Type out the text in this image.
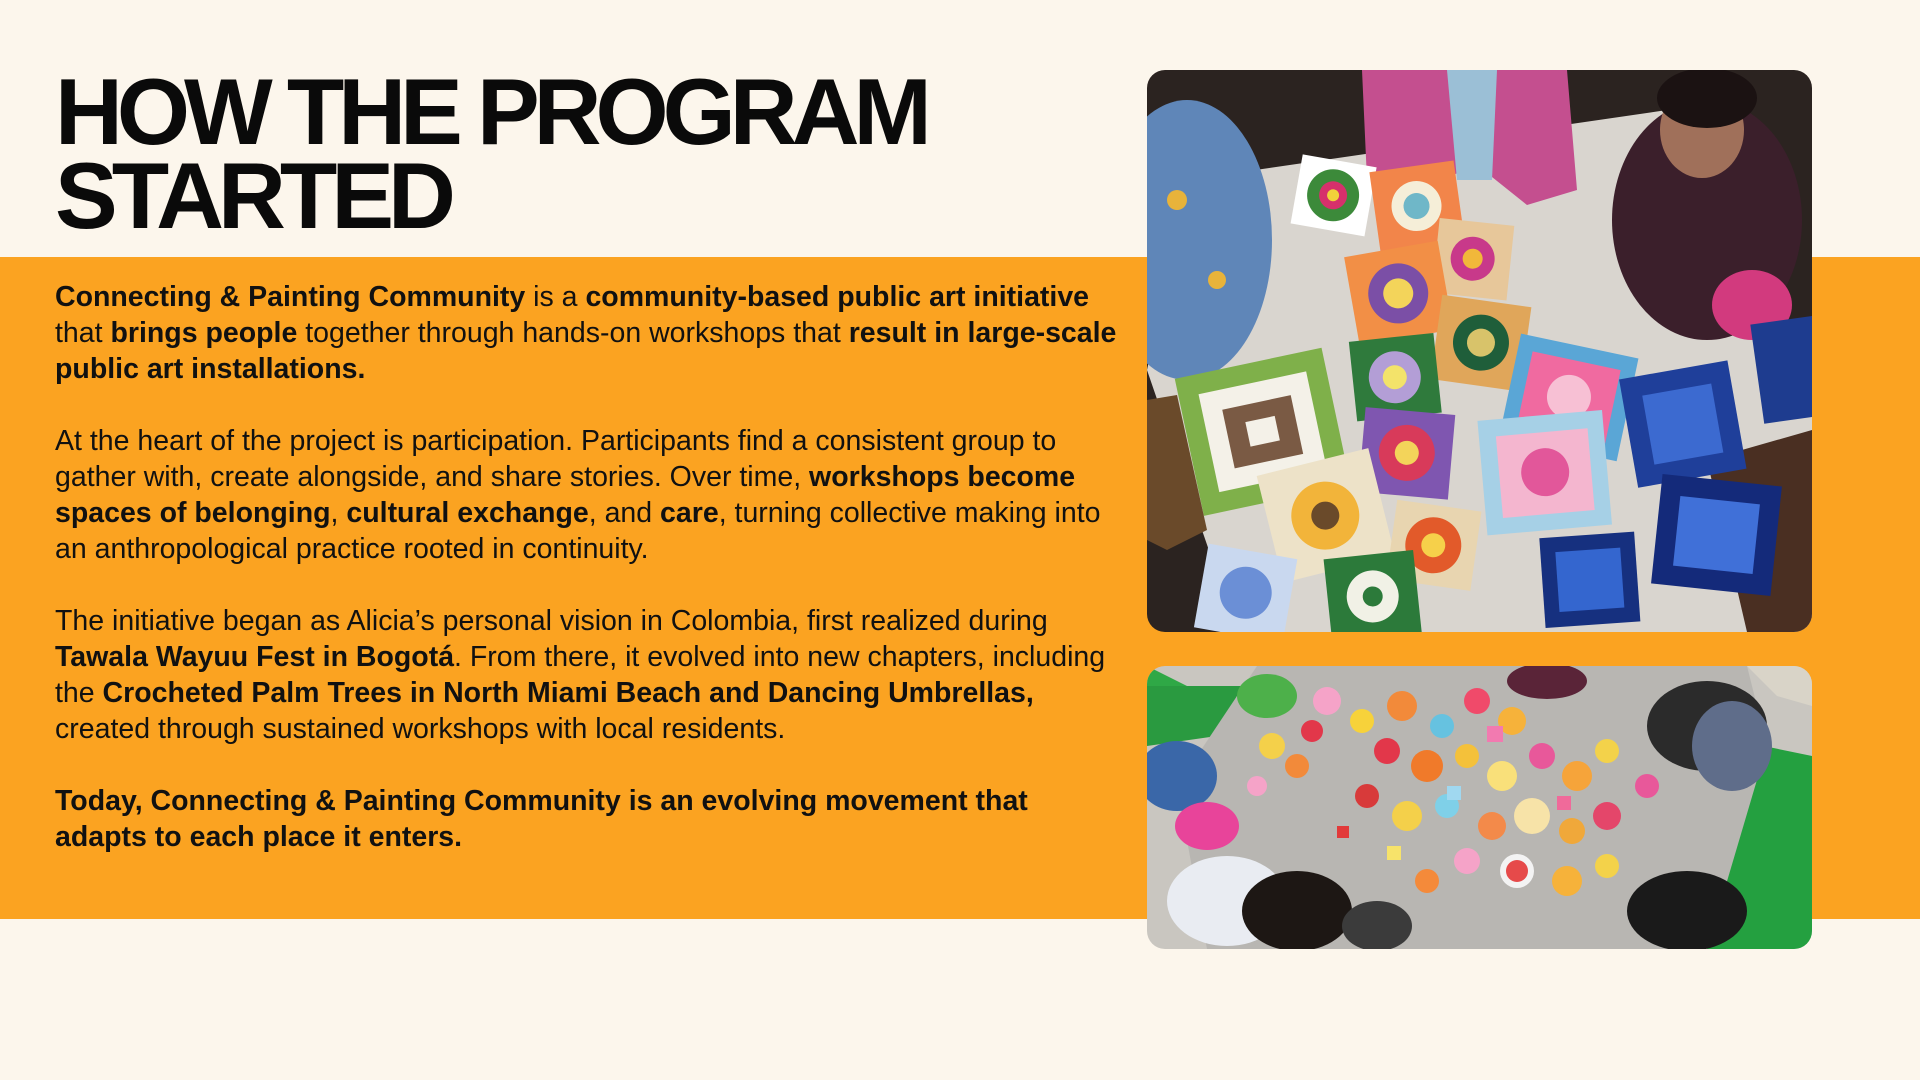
HOW THE PROGRAM
STARTED

Connecting & Painting Community is a community-based public art initiative that brings people together through hands-on workshops that result in large-scale public art installations.

At the heart of the project is participation. Participants find a consistent group to gather with, create alongside, and share stories. Over time, workshops become spaces of belonging, cultural exchange, and care, turning collective making into an anthropological practice rooted in continuity.

The initiative began as Alicia’s personal vision in Colombia, first realized during Tawala Wayuu Fest in Bogotá. From there, it evolved into new chapters, including the Crocheted Palm Trees in North Miami Beach and Dancing Umbrellas, created through sustained workshops with local residents.

Today, Connecting & Painting Community is an evolving movement that adapts to each place it enters.
